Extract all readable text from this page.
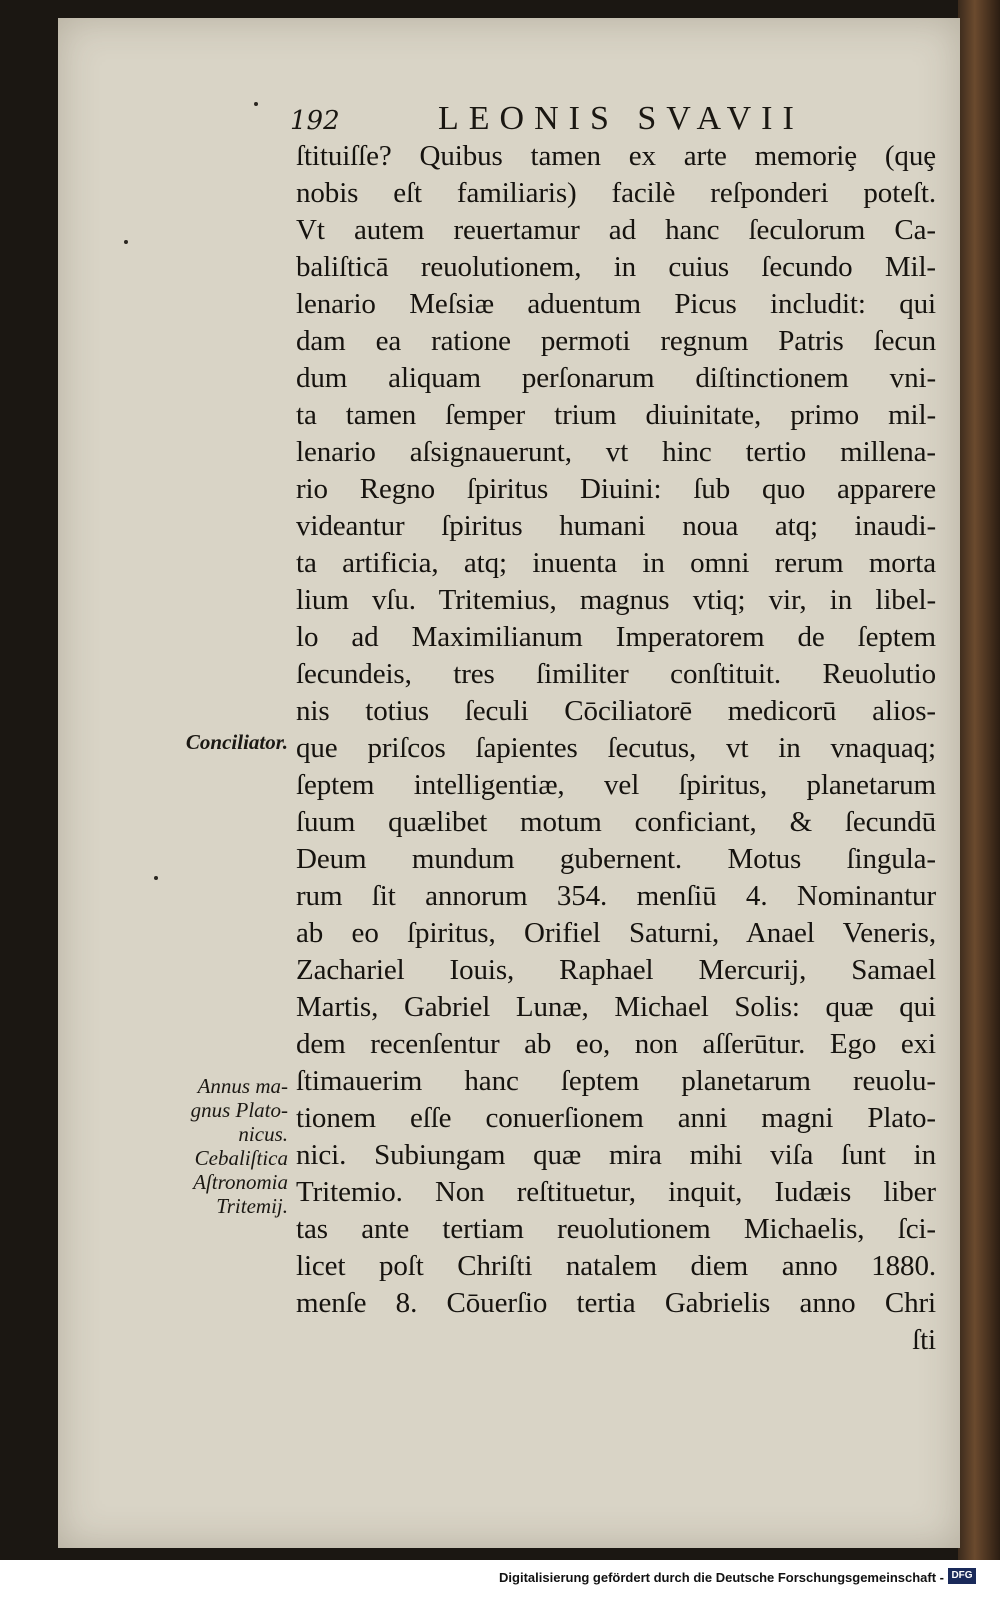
192	LEONIS SVAVII
ſtituiſſe? Quibus tamen ex arte memoriȩ (quȩ
nobis eſt familiaris) facilè reſponderi poteſt.
Vt autem reuertamur ad hanc ſeculorum Ca-
baliſticā reuolutionem, in cuius ſecundo Mil-
lenario Meſsiæ aduentum Picus includit: qui
dam ea ratione permoti regnum Patris ſecun
dum aliquam perſonarum diſtinctionem vni-
ta tamen ſemper trium diuinitate, primo mil-
lenario aſsignauerunt, vt hinc tertio millena-
rio Regno ſpiritus Diuini: ſub quo apparere
videantur ſpiritus humani noua atq; inaudi-
ta artificia, atq; inuenta in omni rerum morta
lium vſu. Tritemius, magnus vtiq; vir, in libel-
lo ad Maximilianum Imperatorem de ſeptem
ſecundeis, tres ſimiliter conſtituit. Reuolutio
nis totius ſeculi Cōciliatorē medicorū alios-
que priſcos ſapientes ſecutus, vt in vnaquaq;
ſeptem intelligentiæ, vel ſpiritus, planetarum
ſuum quælibet motum conficiant, & ſecundū
Deum mundum gubernent. Motus ſingula-
rum ſit annorum 354. menſiū 4. Nominantur
ab eo ſpiritus, Orifiel Saturni, Anael Veneris,
Zachariel Iouis, Raphael Mercurij, Samael
Martis, Gabriel Lunæ, Michael Solis: quæ qui
dem recenſentur ab eo, non aſſerūtur. Ego exi
ſtimauerim hanc ſeptem planetarum reuolu-
tionem eſſe conuerſionem anni magni Plato-
nici. Subiungam quæ mira mihi viſa ſunt in
Tritemio. Non reſtituetur, inquit, Iudæis liber
tas ante tertiam reuolutionem Michaelis, ſci-
licet poſt Chriſti natalem diem anno 1880.
menſe 8. Cōuerſio tertia Gabrielis anno Chri
ſti
Conciliator.
Annus ma-
gnus Plato-
nicus.
Cebaliſtica
Aſtronomia
Tritemij.
Digitalisierung gefördert durch die Deutsche Forschungsgemeinschaft - DFG
